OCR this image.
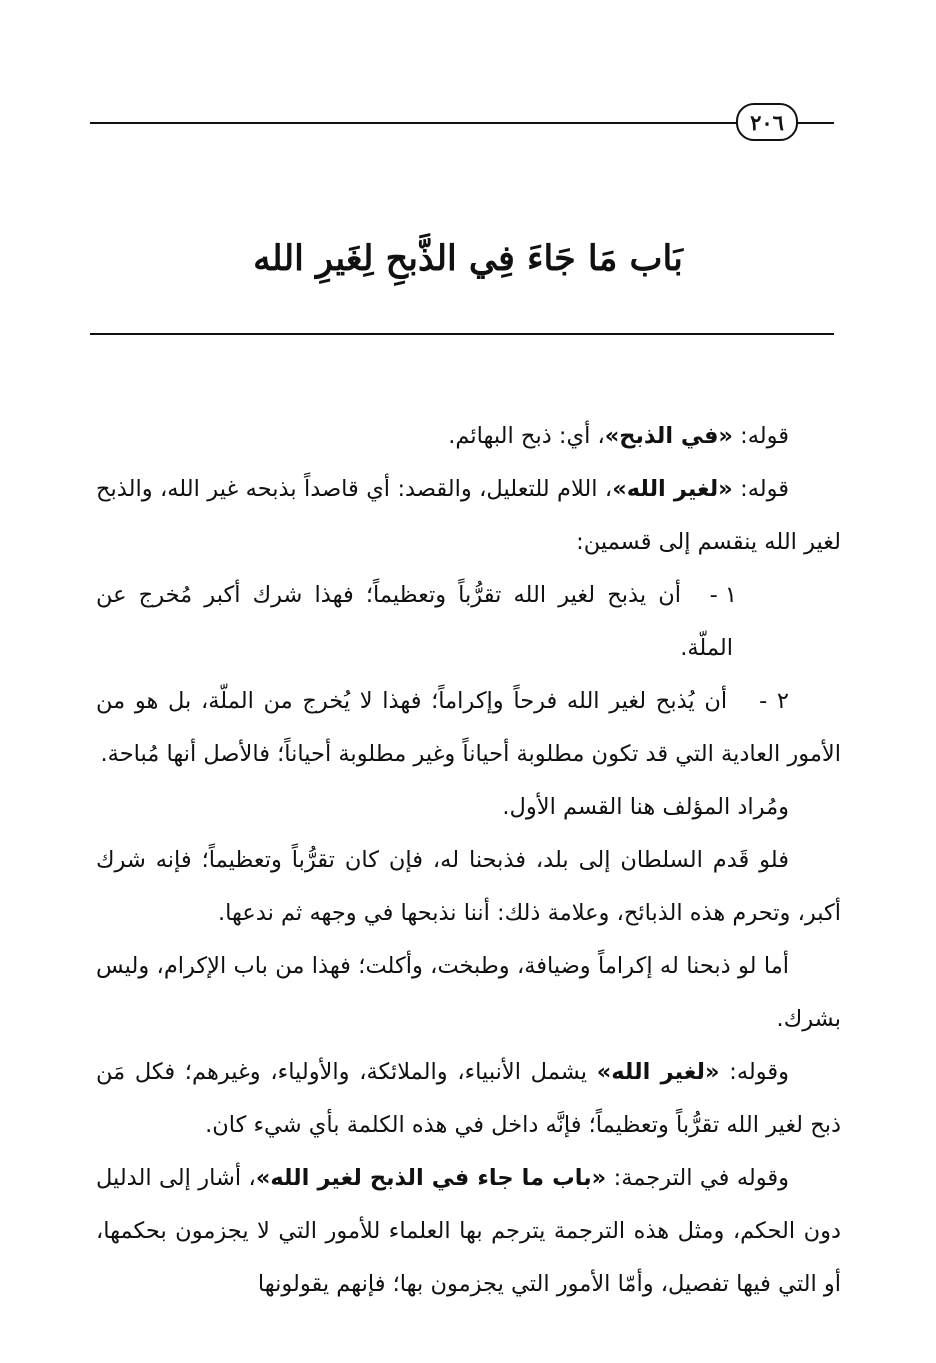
٢٠٦
بَاب مَا جَاءَ فِي الذَّبحِ لِغَيرِ الله

قوله: «في الذبح»، أي: ذبح البهائم.

قوله: «لغير الله»، اللام للتعليل، والقصد: أي قاصداً بذبحه غير الله، والذبح لغير الله ينقسم إلى قسمين:

١ -
أن يذبح لغير الله تقرُّباً وتعظيماً؛ فهذا شرك أكبر مُخرج عن الملّة.

٢ -أن يُذبح لغير الله فرحاً وإكراماً؛ فهذا لا يُخرج من الملّة، بل هو من الأمور العادية التي قد تكون مطلوبة أحياناً وغير مطلوبة أحياناً؛ فالأصل أنها مُباحة.

ومُراد المؤلف هنا القسم الأول.

فلو قَدم السلطان إلى بلد، فذبحنا له، فإن كان تقرُّباً وتعظيماً؛ فإنه شرك أكبر، وتحرم هذه الذبائح، وعلامة ذلك: أننا نذبحها في وجهه ثم ندعها.

أما لو ذبحنا له إكراماً وضيافة، وطبخت، وأكلت؛ فهذا من باب الإكرام، وليس بشرك.

وقوله: «لغير الله» يشمل الأنبياء، والملائكة، والأولياء، وغيرهم؛ فكل مَن ذبح لغير الله تقرُّباً وتعظيماً؛ فإنَّه داخل في هذه الكلمة بأي شيء كان.

وقوله في الترجمة: «باب ما جاء في الذبح لغير الله»، أشار إلى الدليل دون الحكم، ومثل هذه الترجمة يترجم بها العلماء للأمور التي لا يجزمون بحكمها، أو التي فيها تفصيل، وأمّا الأمور التي يجزمون بها؛ فإنهم يقولونها
